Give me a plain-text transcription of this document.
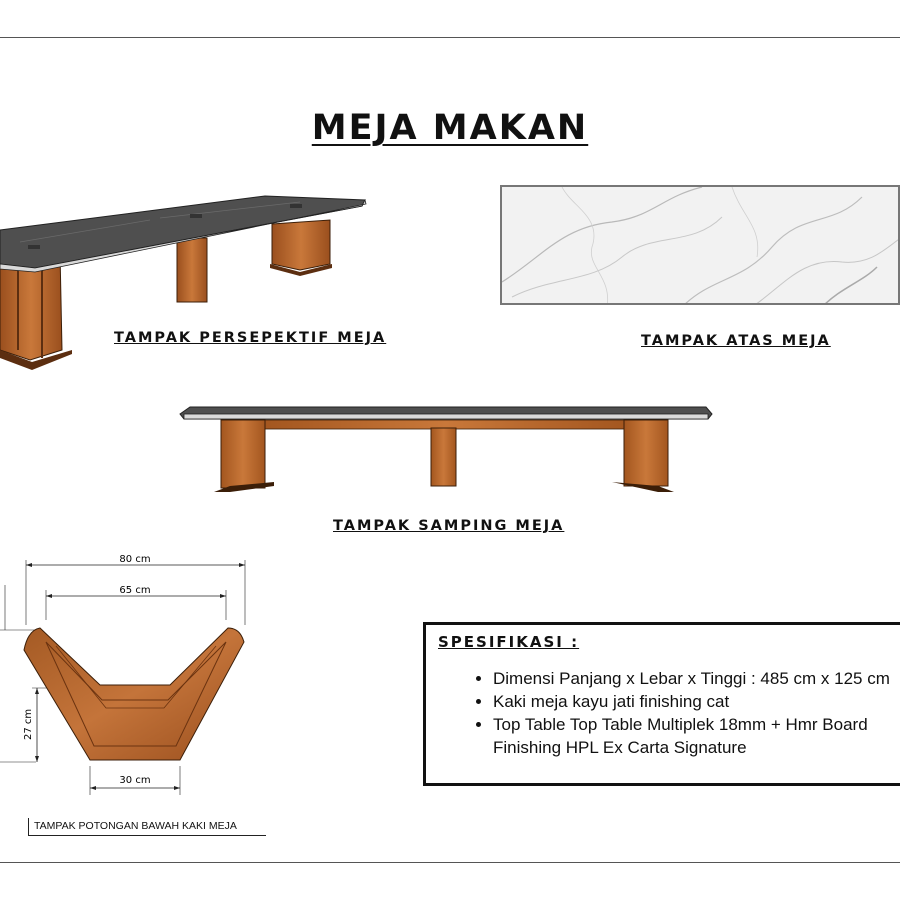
MEJA MAKAN
TAMPAK PERSEPEKTIF MEJA	TAMPAK ATAS MEJA
TAMPAK SAMPING MEJA
80 cm
65 cm
27 cm
30 cm
TAMPAK POTONGAN BAWAH KAKI MEJA
SPESIFIKASI :
• Dimensi Panjang x Lebar x Tinggi : 485 cm x 125 cm
• Kaki meja kayu jati finishing cat
• Top Table Top Table Multiplek 18mm + Hmr Board
Finishing HPL Ex Carta Signature
